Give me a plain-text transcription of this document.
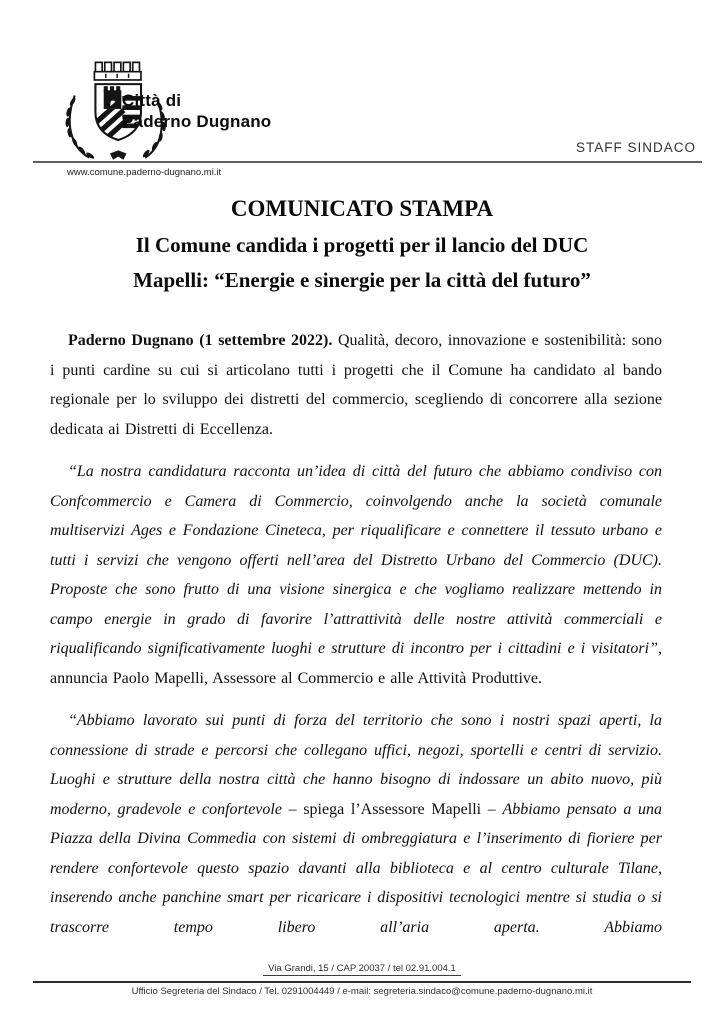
Città di
Paderno Dugnano
STAFF SINDACO
www.comune.paderno-dugnano.mi.it
COMUNICATO STAMPA
Il Comune candida i progetti per il lancio del DUC
Mapelli: “Energie e sinergie per la città del futuro”

Paderno Dugnano (1 settembre 2022). Qualità, decoro, innovazione e sostenibilità: sono i punti cardine su cui si articolano tutti i progetti che il Comune ha candidato al bando regionale per lo sviluppo dei distretti del commercio, scegliendo di concorrere alla sezione dedicata ai Distretti di Eccellenza.

“La nostra candidatura racconta un’idea di città del futuro che abbiamo condiviso con Confcommercio e Camera di Commercio, coinvolgendo anche la società comunale multiservizi Ages e Fondazione Cineteca, per riqualificare e connettere il tessuto urbano e tutti i servizi che vengono offerti nell’area del Distretto Urbano del Commercio (DUC). Proposte che sono frutto di una visione sinergica e che vogliamo realizzare mettendo in campo energie in grado di favorire l’attrattività delle nostre attività commerciali e riqualificando significativamente luoghi e strutture di incontro per i cittadini e i visitatori”, annuncia Paolo Mapelli, Assessore al Commercio e alle Attività Produttive.

“Abbiamo lavorato sui punti di forza del territorio che sono i nostri spazi aperti, la connessione di strade e percorsi che collegano uffici, negozi, sportelli e centri di servizio. Luoghi e strutture della nostra città che hanno bisogno di indossare un abito nuovo, più moderno, gradevole e confortevole – spiega l’Assessore Mapelli – Abbiamo pensato a una Piazza della Divina Commedia con sistemi di ombreggiatura e l’inserimento di fioriere per rendere confortevole questo spazio davanti alla biblioteca e al centro culturale Tilane, inserendo anche panchine smart per ricaricare i dispositivi tecnologici mentre si studia o si trascorre tempo libero all’aria aperta. Abbiamo

Via Grandi, 15 / CAP 20037 / tel 02.91.004.1
Ufficio Segreteria del Sindaco / Tel. 0291004449 / e-mail: segreteria.sindaco@comune.paderno-dugnano.mi.it
